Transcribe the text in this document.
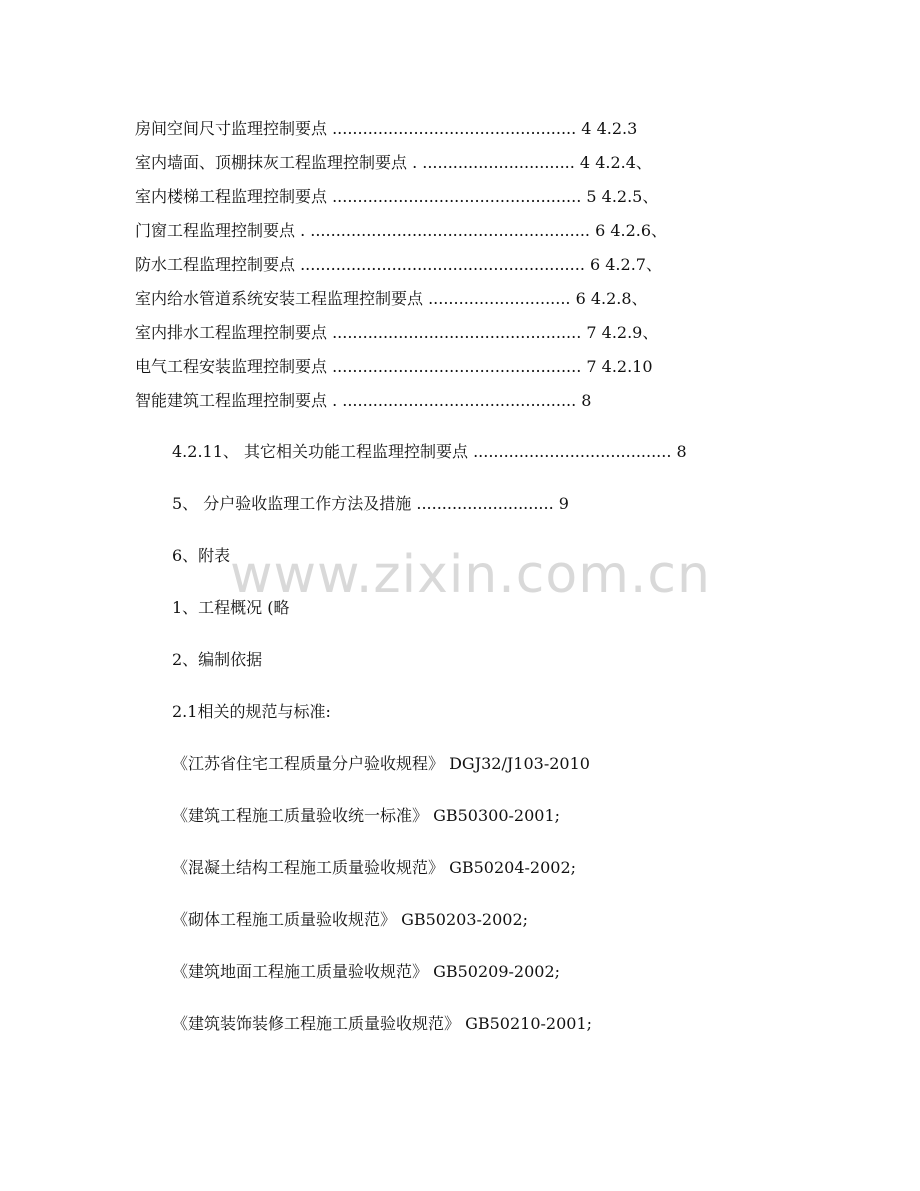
www.zixin.com.cn
房间空间尺寸监理控制要点 ................................................ 4 4.2.3
室内墙面、顶棚抹灰工程监理控制要点 . .............................. 4 4.2.4、
室内楼梯工程监理控制要点 ................................................. 5 4.2.5、
门窗工程监理控制要点 . ....................................................... 6 4.2.6、
防水工程监理控制要点 ........................................................ 6 4.2.7、
室内给水管道系统安装工程监理控制要点 ............................ 6 4.2.8、
室内排水工程监理控制要点 ................................................. 7 4.2.9、
电气工程安装监理控制要点 ................................................. 7 4.2.10
智能建筑工程监理控制要点 . .............................................. 8
4.2.11、 其它相关功能工程监理控制要点 ....................................... 8
5、 分户验收监理工作方法及措施 ........................... 9
6、附表
1、工程概况 (略
2、编制依据
2.1相关的规范与标准:
《江苏省住宅工程质量分户验收规程》 DGJ32/J103-2010
《建筑工程施工质量验收统一标准》 GB50300-2001;
《混凝土结构工程施工质量验收规范》 GB50204-2002;
《砌体工程施工质量验收规范》 GB50203-2002;
《建筑地面工程施工质量验收规范》 GB50209-2002;
《建筑装饰装修工程施工质量验收规范》 GB50210-2001;
